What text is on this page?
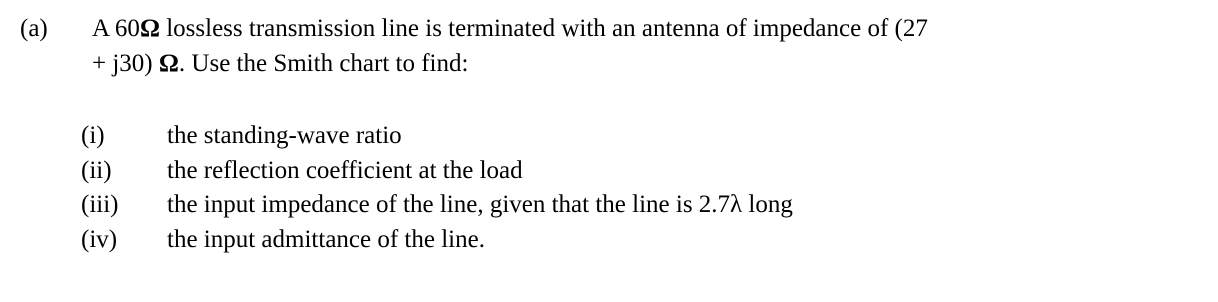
(a) A 60Ω lossless transmission line is terminated with an antenna of impedance of (27
+ j30) Ω. Use the Smith chart to find:
(i)	the standing-wave ratio
(ii)	the reflection coefficient at the load
(iii)	the input impedance of the line, given that the line is 2.7λ long
(iv)	the input admittance of the line.
